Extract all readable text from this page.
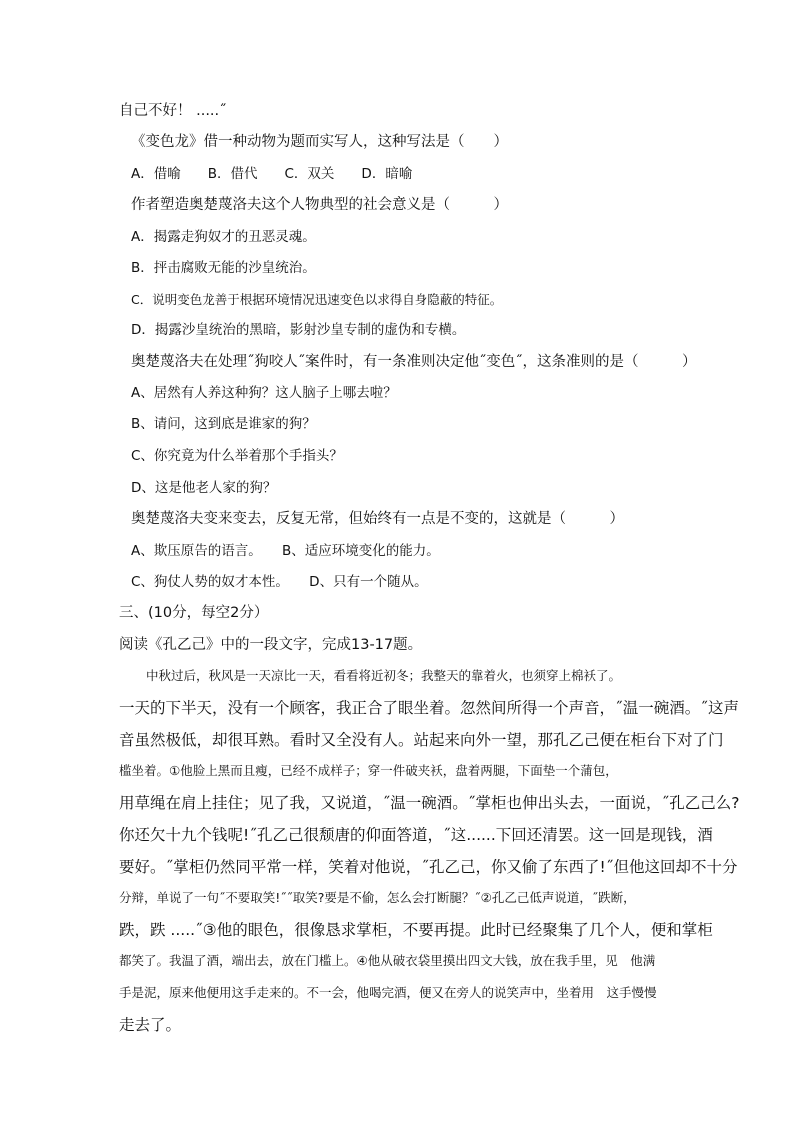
自己不好！ .....˝
《变色龙》借一种动物为题而实写人，这种写法是（　　）
A．借喻　　B．借代　　C．双关　　D．暗喻
作者塑造奥楚蔑洛夫这个人物典型的社会意义是（　　　）
A．揭露走狗奴才的丑恶灵魂。
B．抨击腐败无能的沙皇统治。
C．说明变色龙善于根据环境情况迅速变色以求得自身隐蔽的特征。
D．揭露沙皇统治的黑暗，影射沙皇专制的虚伪和专横。
奥楚蔑洛夫在处理˝狗咬人˝案件时，有一条准则决定他˝变色˝，这条准则的是（　　　）
A、居然有人养这种狗？这人脑子上哪去啦？
B、请问，这到底是谁家的狗？
C、你究竟为什么举着那个手指头？
D、这是他老人家的狗？
奥楚蔑洛夫变来变去，反复无常，但始终有一点是不变的，这就是（　　　）
A、欺压原告的语言。　　B、适应环境变化的能力。
C、狗仗人势的奴才本性。　　D、只有一个随从。
三、(10分，每空2分）
阅读《孔乙己》中的一段文字，完成13-17题。
中秋过后，秋风是一天凉比一天，看看将近初冬；我整天的靠着火，也须穿上棉袄了。
一天的下半天，没有一个顾客，我正合了眼坐着。忽然间所得一个声音，˝温一碗酒。˝这声
音虽然极低，却很耳熟。看时又全没有人。站起来向外一望，那孔乙己便在柜台下对了门
槛坐着。①他脸上黑而且瘦，已经不成样子；穿一件破夹袄，盘着两腿，下面垫一个蒲包，
用草绳在肩上挂住；见了我，又说道，˝温一碗酒。˝掌柜也伸出头去，一面说，˝孔乙己么?
你还欠十九个钱呢!˝孔乙己很颓唐的仰面答道，˝这......下回还清罢。这一回是现钱，酒
要好。˝掌柜仍然同平常一样，笑着对他说，˝孔乙己，你又偷了东西了!˝但他这回却不十分
分辩，单说了一句˝不要取笑!˝˝取笑?要是不偷，怎么会打断腿？˝②孔乙己低声说道，˝跌断，
跌，跌 .....˝③他的眼色，很像恳求掌柜，不要再提。此时已经聚集了几个人，便和掌柜
都笑了。我温了酒，端出去，放在门槛上。④他从破衣袋里摸出四文大钱，放在我手里，见　他满
手是泥，原来他便用这手走来的。不一会，他喝完酒，便又在旁人的说笑声中，坐着用　这手慢慢
走去了。
